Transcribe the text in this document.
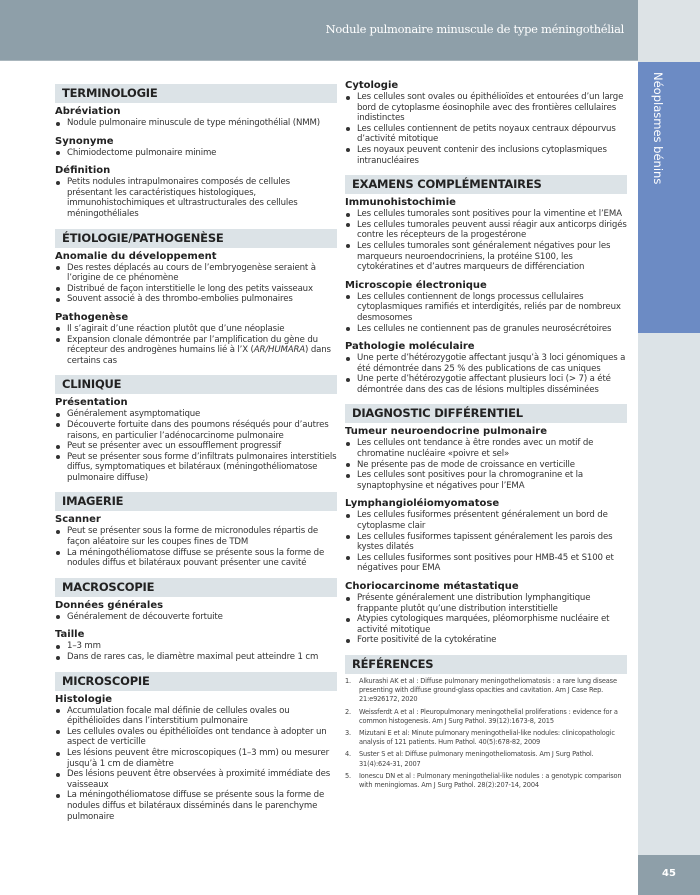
Nodule pulmonaire minuscule de type méningothélial
Néoplasmes bénins
45
TERMINOLOGIE
Abréviation
Nodule pulmonaire minuscule de type méningothélial (NMM)
Synonyme
Chimiodectome pulmonaire minime
Définition
Petits nodules intrapulmonaires composés de cellules présentant les caractéristiques histologiques, immunohistochimiques et ultrastructurales des cellules méningothéliales
ÉTIOLOGIE/PATHOGENÈSE
Anomalie du développement
Des restes déplacés au cours de l’embryogenèse seraient à l’origine de ce phénomène
Distribué de façon interstitielle le long des petits vaisseaux
Souvent associé à des thrombo-embolies pulmonaires
Pathogenèse
Il s’agirait d’une réaction plutôt que d’une néoplasie
Expansion clonale démontrée par l’amplification du gène du récepteur des androgènes humains lié à l’X (AR/HUMARA) dans certains cas
CLINIQUE
Présentation
Généralement asymptomatique
Découverte fortuite dans des poumons réséqués pour d’autres raisons, en particulier l’adénocarcinome pulmonaire
Peut se présenter avec un essoufflement progressif
Peut se présenter sous forme d’infiltrats pulmonaires interstitiels diffus, symptomatiques et bilatéraux (méningothéliomatose pulmonaire diffuse)
IMAGERIE
Scanner
Peut se présenter sous la forme de micronodules répartis de façon aléatoire sur les coupes fines de TDM
La méningothéliomatose diffuse se présente sous la forme de nodules diffus et bilatéraux pouvant présenter une cavité
MACROSCOPIE
Données générales
Généralement de découverte fortuite
Taille
1–3 mm
Dans de rares cas, le diamètre maximal peut atteindre 1 cm
MICROSCOPIE
Histologie
Accumulation focale mal définie de cellules ovales ou épithélioïdes dans l’interstitium pulmonaire
Les cellules ovales ou épithélioïdes ont tendance à adopter un aspect de verticille
Les lésions peuvent être microscopiques (1–3 mm) ou mesurer jusqu’à 1 cm de diamètre
Des lésions peuvent être observées à proximité immédiate des vaisseaux
La méningothéliomatose diffuse se présente sous la forme de nodules diffus et bilatéraux disséminés dans le parenchyme pulmonaire
Cytologie
Les cellules sont ovales ou épithélioïdes et entourées d’un large bord de cytoplasme éosinophile avec des frontières cellulaires indistinctes
Les cellules contiennent de petits noyaux centraux dépourvus d’activité mitotique
Les noyaux peuvent contenir des inclusions cytoplasmiques intranucléaires
EXAMENS COMPLÉMENTAIRES
Immunohistochimie
Les cellules tumorales sont positives pour la vimentine et l’EMA
Les cellules tumorales peuvent aussi réagir aux anticorps dirigés contre les récepteurs de la progestérone
Les cellules tumorales sont généralement négatives pour les marqueurs neuroendocriniens, la protéine S100, les cytokératines et d’autres marqueurs de différenciation
Microscopie électronique
Les cellules contiennent de longs processus cellulaires cytoplasmiques ramifiés et interdigités, reliés par de nombreux desmosomes
Les cellules ne contiennent pas de granules neurosécrétoires
Pathologie moléculaire
Une perte d’hétérozygotie affectant jusqu’à 3 loci génomiques a été démontrée dans 25 % des publications de cas uniques
Une perte d’hétérozygotie affectant plusieurs loci (> 7) a été démontrée dans des cas de lésions multiples disséminées
DIAGNOSTIC DIFFÉRENTIEL
Tumeur neuroendocrine pulmonaire
Les cellules ont tendance à être rondes avec un motif de chromatine nucléaire «poivre et sel»
Ne présente pas de mode de croissance en verticille
Les cellules sont positives pour la chromogranine et la synaptophysine et négatives pour l’EMA
Lymphangioléiomyomatose
Les cellules fusiformes présentent généralement un bord de cytoplasme clair
Les cellules fusiformes tapissent généralement les parois des kystes dilatés
Les cellules fusiformes sont positives pour HMB-45 et S100 et négatives pour EMA
Choriocarcinome métastatique
Présente généralement une distribution lymphangitique frappante plutôt qu’une distribution interstitielle
Atypies cytologiques marquées, pléomorphisme nucléaire et activité mitotique
Forte positivité de la cytokératine
RÉFÉRENCES
1. Alkurashi AK et al : Diffuse pulmonary meningotheliomatosis : a rare lung disease presenting with diffuse ground-glass opacities and cavitation. Am J Case Rep. 21:e926172, 2020
2. Weissferdt A et al : Pleuropulmonary meningothelial proliferations : evidence for a common histogenesis. Am J Surg Pathol. 39(12):1673-8, 2015
3. Mizutani E et al: Minute pulmonary meningothelial-like nodules: clinicopathologic analysis of 121 patients. Hum Pathol. 40(5):678-82, 2009
4. Suster S et al: Diffuse pulmonary meningotheliomatosis. Am J Surg Pathol. 31(4):624-31, 2007
5. Ionescu DN et al : Pulmonary meningothelial-like nodules : a genotypic comparison with meningiomas. Am J Surg Pathol. 28(2):207-14, 2004
